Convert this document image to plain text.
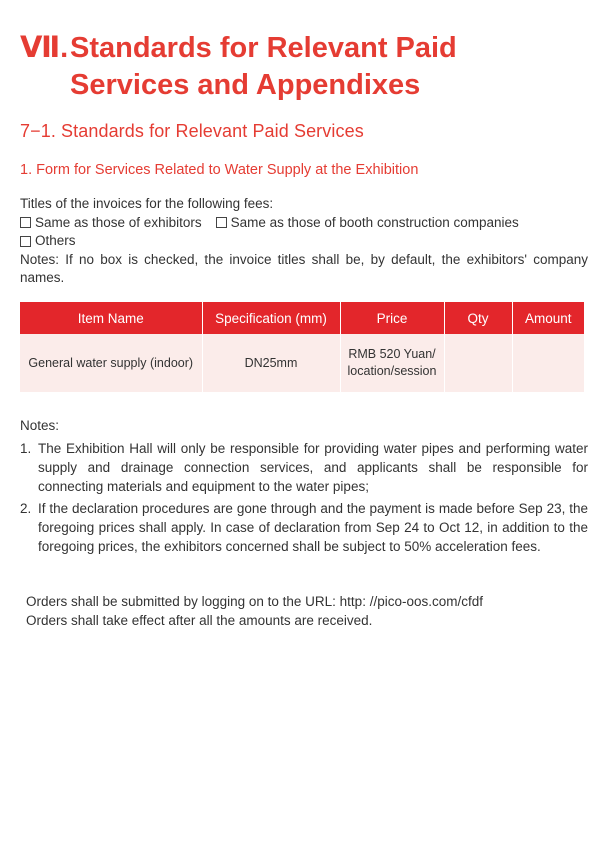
Ⅶ.Standards for Relevant Paid
Services and Appendixes
7−1. Standards for Relevant Paid Services
1. Form for Services Related to Water Supply at the Exhibition
Titles of the invoices for the following fees:
Same as those of exhibitors Same as those of booth construction companies
Others
Notes: If no box is checked, the invoice titles shall be, by default, the exhibitors' company names.
Item Name	Specification (mm)	Price	Qty	Amount
General water supply (indoor)	DN25mm	RMB 520 Yuan/ location/session		
Notes:
1. The Exhibition Hall will only be responsible for providing water pipes and performing water supply and drainage connection services, and applicants shall be responsible for connecting materials and equipment to the water pipes;
2. If the declaration procedures are gone through and the payment is made before Sep 23, the foregoing prices shall apply. In case of declaration from Sep 24 to Oct 12, in addition to the foregoing prices, the exhibitors concerned shall be subject to 50% acceleration fees.
Orders shall be submitted by logging on to the URL: http: //pico-oos.com/cfdf
Orders shall take effect after all the amounts are received.
